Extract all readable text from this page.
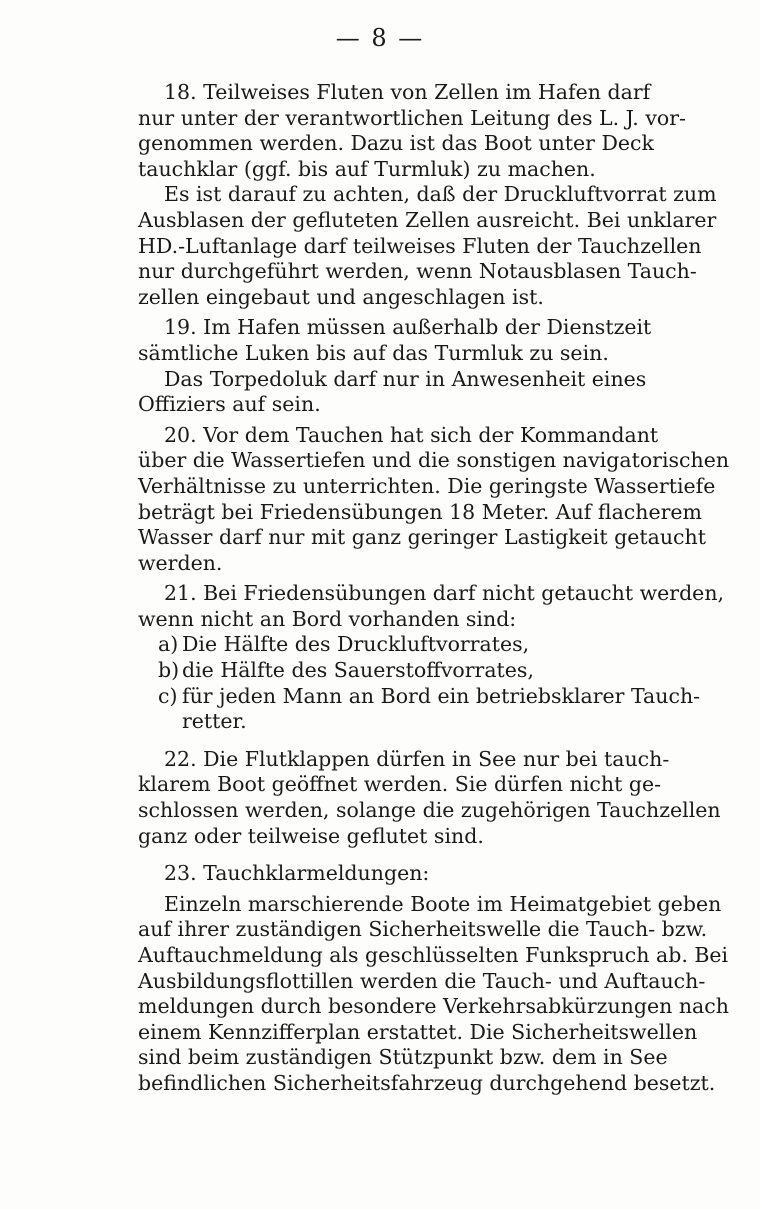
— 8 —
18. Teilweises Fluten von Zellen im Hafen darf
nur unter der verantwortlichen Leitung des L. J. vor-
genommen werden. Dazu ist das Boot unter Deck
tauchklar (ggf. bis auf Turmluk) zu machen.
Es ist darauf zu achten, daß der Druckluftvorrat zum
Ausblasen der gefluteten Zellen ausreicht. Bei unklarer
HD.-Luftanlage darf teilweises Fluten der Tauchzellen
nur durchgeführt werden, wenn Notausblasen Tauch-
zellen eingebaut und angeschlagen ist.
19. Im Hafen müssen außerhalb der Dienstzeit
sämtliche Luken bis auf das Turmluk zu sein.
Das Torpedoluk darf nur in Anwesenheit eines
Offiziers auf sein.
20. Vor dem Tauchen hat sich der Kommandant
über die Wassertiefen und die sonstigen navigatorischen
Verhältnisse zu unterrichten. Die geringste Wassertiefe
beträgt bei Friedensübungen 18 Meter. Auf flacherem
Wasser darf nur mit ganz geringer Lastigkeit getaucht
werden.
21. Bei Friedensübungen darf nicht getaucht werden,
wenn nicht an Bord vorhanden sind:
a) Die Hälfte des Druckluftvorrates,
b) die Hälfte des Sauerstoffvorrates,
c) für jeden Mann an Bord ein betriebsklarer Tauch-
retter.
22. Die Flutklappen dürfen in See nur bei tauch-
klarem Boot geöffnet werden. Sie dürfen nicht ge-
schlossen werden, solange die zugehörigen Tauchzellen
ganz oder teilweise geflutet sind.
23. Tauchklarmeldungen:
Einzeln marschierende Boote im Heimatgebiet geben
auf ihrer zuständigen Sicherheitswelle die Tauch- bzw.
Auftauchmeldung als geschlüsselten Funkspruch ab. Bei
Ausbildungsflottillen werden die Tauch- und Auftauch-
meldungen durch besondere Verkehrsabkürzungen nach
einem Kennzifferplan erstattet. Die Sicherheitswellen
sind beim zuständigen Stützpunkt bzw. dem in See
befindlichen Sicherheitsfahrzeug durchgehend besetzt.
